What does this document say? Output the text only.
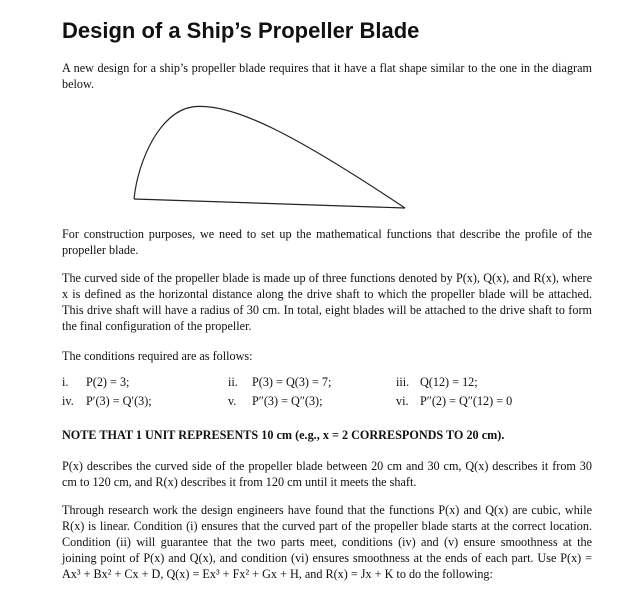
Design of a Ship’s Propeller Blade

A new design for a ship’s propeller blade requires that it have a flat shape similar to the one in the diagram below.

For construction purposes, we need to set up the mathematical functions that describe the profile of the propeller blade.

The curved side of the propeller blade is made up of three functions denoted by P(x), Q(x), and R(x), where x is defined as the horizontal distance along the drive shaft to which the propeller blade will be attached. This drive shaft will have a radius of 30 cm. In total, eight blades will be attached to the drive shaft to form the final configuration of the propeller.

The conditions required are as follows:

i.	P(2) = 3;	ii.	P(3) = Q(3) = 7;	iii. Q(12) = 12;
iv.	P′(3) = Q′(3);	v.	P″(3) = Q″(3);	vi. P″(2) = Q″(12) = 0

NOTE THAT 1 UNIT REPRESENTS 10 cm (e.g., x = 2 CORRESPONDS TO 20 cm).

P(x) describes the curved side of the propeller blade between 20 cm and 30 cm, Q(x) describes it from 30 cm to 120 cm, and R(x) describes it from 120 cm until it meets the shaft.

Through research work the design engineers have found that the functions P(x) and Q(x) are cubic, while R(x) is linear. Condition (i) ensures that the curved part of the propeller blade starts at the correct location. Condition (ii) will guarantee that the two parts meet, conditions (iv) and (v) ensure smoothness at the joining point of P(x) and Q(x), and condition (vi) ensures smoothness at the ends of each part. Use P(x) = Ax³ + Bx² + Cx + D, Q(x) = Ex³ + Fx² + Gx + H, and R(x) = Jx + K to do the following:
